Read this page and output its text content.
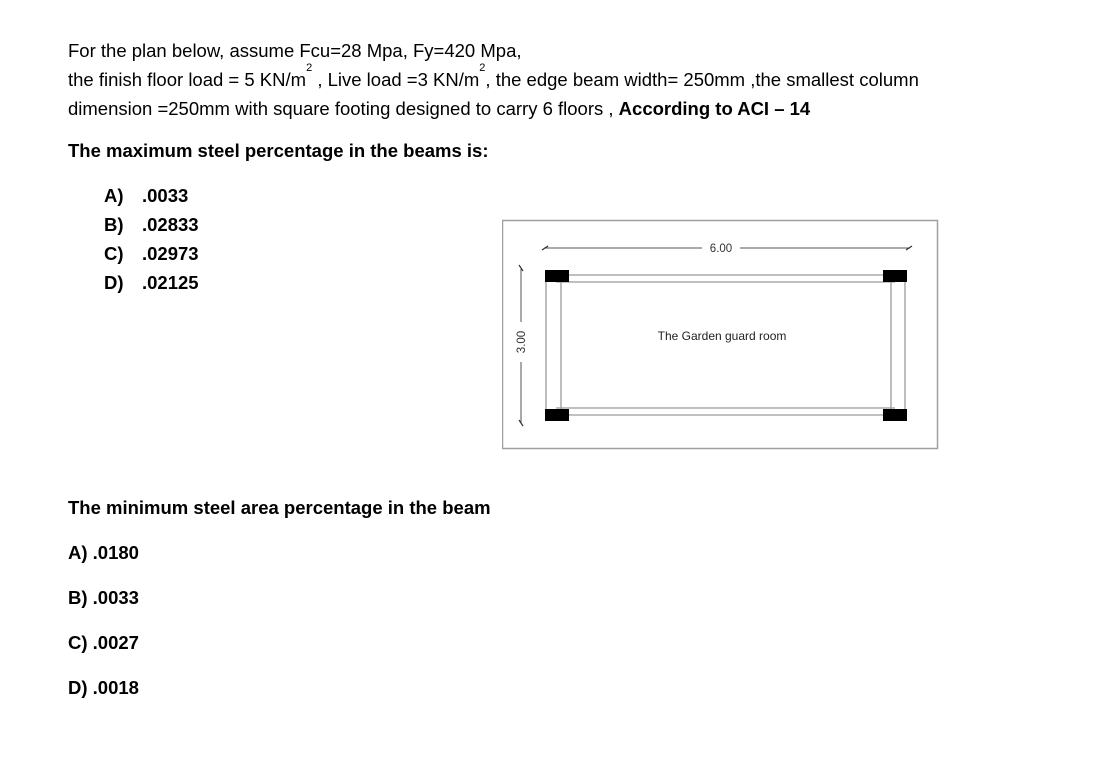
For the plan below, assume Fcu=28 Mpa, Fy=420 Mpa,

the finish floor load = 5 $KN/m^2$ , Live load =3 $KN/m^2$, the edge beam width= 250mm ,the smallest column

dimension =250mm with square footing designed to carry 6 floors , According to ACI – 14

The maximum steel percentage in the beams is:
A) .0033
B) .02833
C) .02973
D) .02125
6.00
3.00	The Garden guard room
The minimum steel area percentage in the beam
A) .0180
B) .0033
C) .0027
D) .0018
